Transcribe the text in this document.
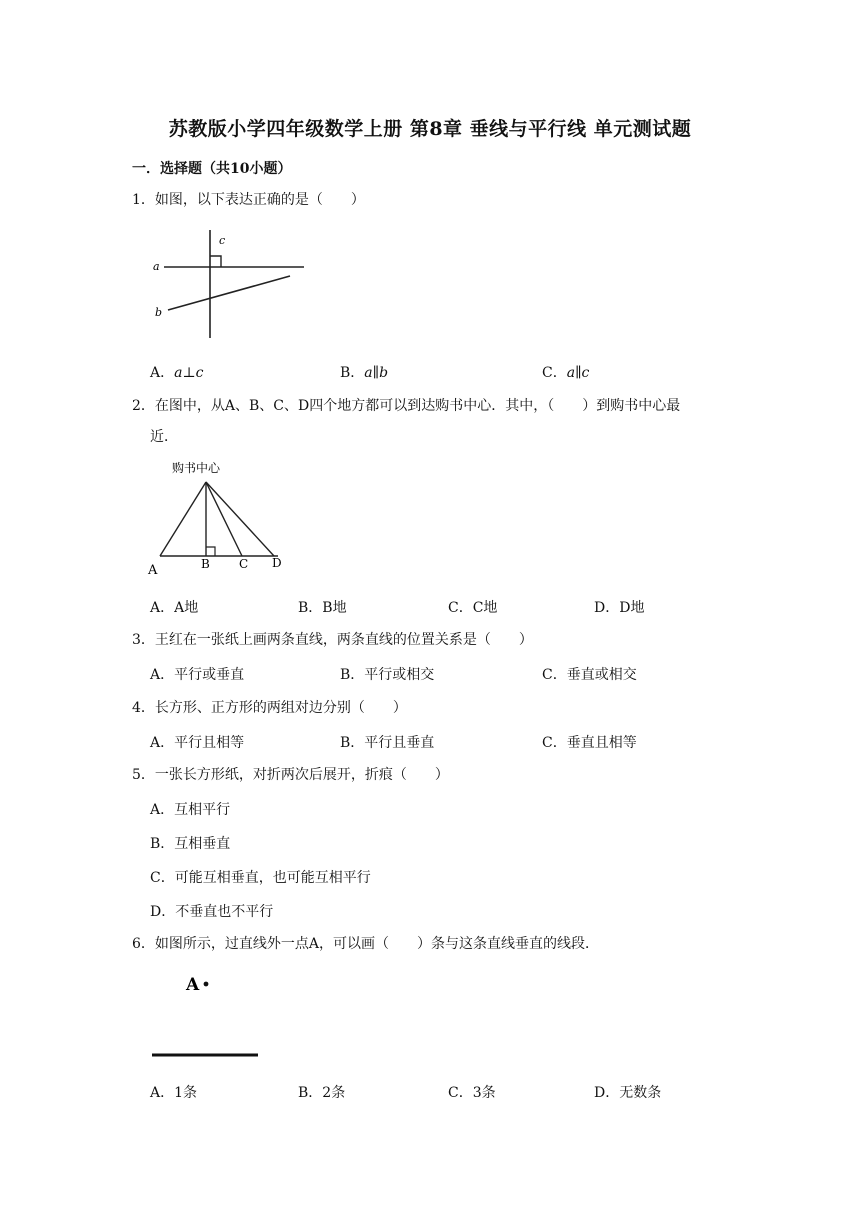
苏教版小学四年级数学上册 第8章 垂线与平行线 单元测试题
一．选择题（共10小题）
1．如图，以下表达正确的是（　　）
c
a
b
A．a⊥c	B．a∥b	C．a∥c
2．在图中，从A、B、C、D四个地方都可以到达购书中心．其中，（　　）到购书中心最
近．
购书中心
A	B C D
A．A地	B．B地	C．C地	D．D地
3．王红在一张纸上画两条直线，两条直线的位置关系是（　　）
A．平行或垂直	B．平行或相交	C．垂直或相交
4．长方形、正方形的两组对边分别（　　）
A．平行且相等	B．平行且垂直	C．垂直且相等
5．一张长方形纸，对折两次后展开，折痕（　　）
A．互相平行
B．互相垂直
C．可能互相垂直，也可能互相平行
D．不垂直也不平行
6．如图所示，过直线外一点A，可以画（　　）条与这条直线垂直的线段．
A
A．1条	B．2条	C．3条	D．无数条
